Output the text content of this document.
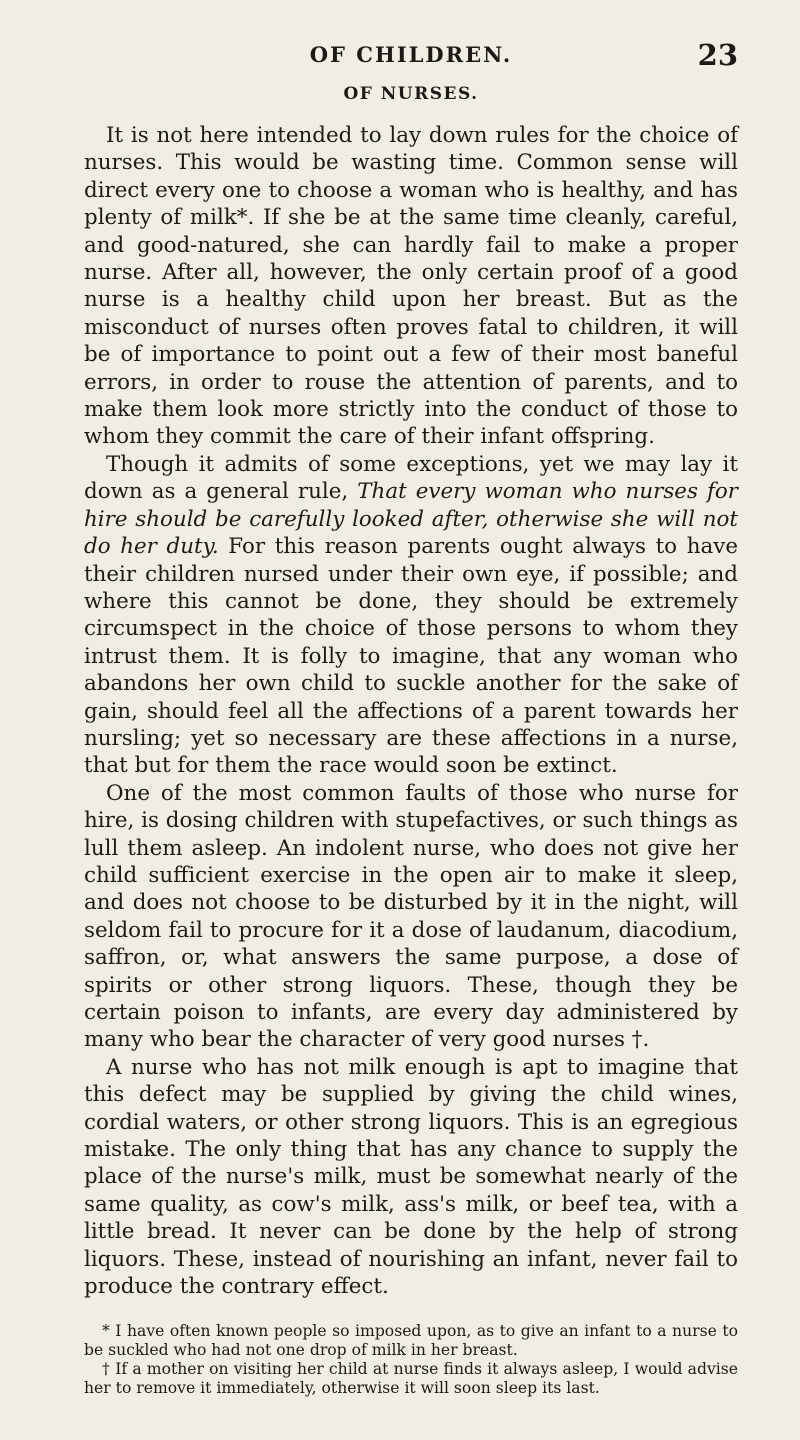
OF CHILDREN.	23
OF NURSES.

It is not here intended to lay down rules for the choice of nurses. This would be wasting time. Common sense will direct every one to choose a woman who is healthy, and has plenty of milk*. If she be at the same time cleanly, careful, and good-natured, she can hardly fail to make a proper nurse. After all, however, the only certain proof of a good nurse is a healthy child upon her breast. But as the misconduct of nurses often proves fatal to children, it will be of importance to point out a few of their most baneful errors, in order to rouse the attention of parents, and to make them look more strictly into the conduct of those to whom they commit the care of their infant offspring.

Though it admits of some exceptions, yet we may lay it down as a general rule, That every woman who nurses for hire should be carefully looked after, otherwise she will not do her duty. For this reason parents ought always to have their children nursed under their own eye, if possible; and where this cannot be done, they should be extremely circumspect in the choice of those persons to whom they intrust them. It is folly to imagine, that any woman who abandons her own child to suckle another for the sake of gain, should feel all the affections of a parent towards her nursling; yet so necessary are these affections in a nurse, that but for them the race would soon be extinct.

One of the most common faults of those who nurse for hire, is dosing children with stupefactives, or such things as lull them asleep. An indolent nurse, who does not give her child sufficient exercise in the open air to make it sleep, and does not choose to be disturbed by it in the night, will seldom fail to procure for it a dose of laudanum, diacodium, saffron, or, what answers the same purpose, a dose of spirits or other strong liquors. These, though they be certain poison to infants, are every day administered by many who bear the character of very good nurses †.

A nurse who has not milk enough is apt to imagine that this defect may be supplied by giving the child wines, cordial waters, or other strong liquors. This is an egregious mistake. The only thing that has any chance to supply the place of the nurse's milk, must be somewhat nearly of the same quality, as cow's milk, ass's milk, or beef tea, with a little bread. It never can be done by the help of strong liquors. These, instead of nourishing an infant, never fail to produce the contrary effect.

* I have often known people so imposed upon, as to give an infant to a nurse to be suckled who had not one drop of milk in her breast.

† If a mother on visiting her child at nurse finds it always asleep, I would advise her to remove it immediately, otherwise it will soon sleep its last.
